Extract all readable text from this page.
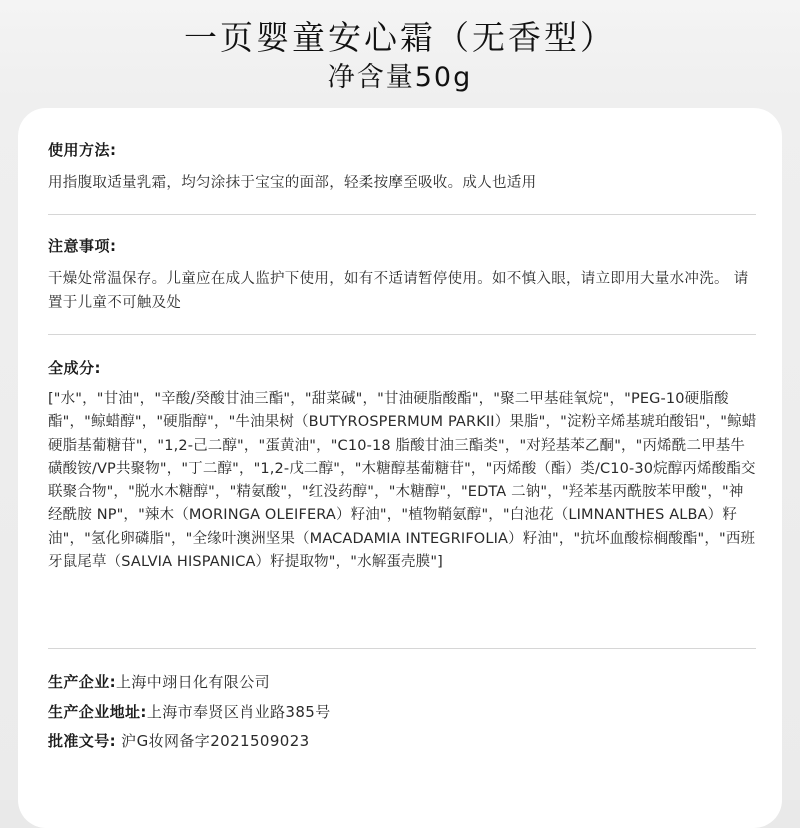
一页婴童安心霜（无香型）
净含量50g
使用方法:
用指腹取适量乳霜，均匀涂抹于宝宝的面部，轻柔按摩至吸收。成人也适用
注意事项:
干燥处常温保存。儿童应在成人监护下使用，如有不适请暂停使用。如不慎入眼，请立即用大量水冲洗。 请置于儿童不可触及处
全成分:
["水"，"甘油"，"辛酸/癸酸甘油三酯"，"甜菜碱"，"甘油硬脂酸酯"，"聚二甲基硅氧烷"，"PEG-10硬脂酸酯"，"鲸蜡醇"，"硬脂醇"，"牛油果树（BUTYROSPERMUM PARKII）果脂"，"淀粉辛烯基琥珀酸铝"，"鲸蜡硬脂基葡糖苷"，"1,2-己二醇"，"蛋黄油"，"C10-18 脂酸甘油三酯类"，"对羟基苯乙酮"，"丙烯酰二甲基牛磺酸铵/VP共聚物"，"丁二醇"，"1,2-戊二醇"，"木糖醇基葡糖苷"，"丙烯酸（酯）类/C10-30烷醇丙烯酸酯交联聚合物"，"脱水木糖醇"，"精氨酸"，"红没药醇"，"木糖醇"，"EDTA 二钠"，"羟苯基丙酰胺苯甲酸"，"神经酰胺 NP"，"辣木（MORINGA OLEIFERA）籽油"，"植物鞘氨醇"，"白池花（LIMNANTHES ALBA）籽油"，"氢化卵磷脂"，"全缘叶澳洲坚果（MACADAMIA INTEGRIFOLIA）籽油"，"抗坏血酸棕榈酸酯"，"西班牙鼠尾草（SALVIA HISPANICA）籽提取物"，"水解蛋壳膜"]
生产企业:上海中翊日化有限公司
生产企业地址:上海市奉贤区肖业路385号
批准文号: 沪G妆网备字2021509023
